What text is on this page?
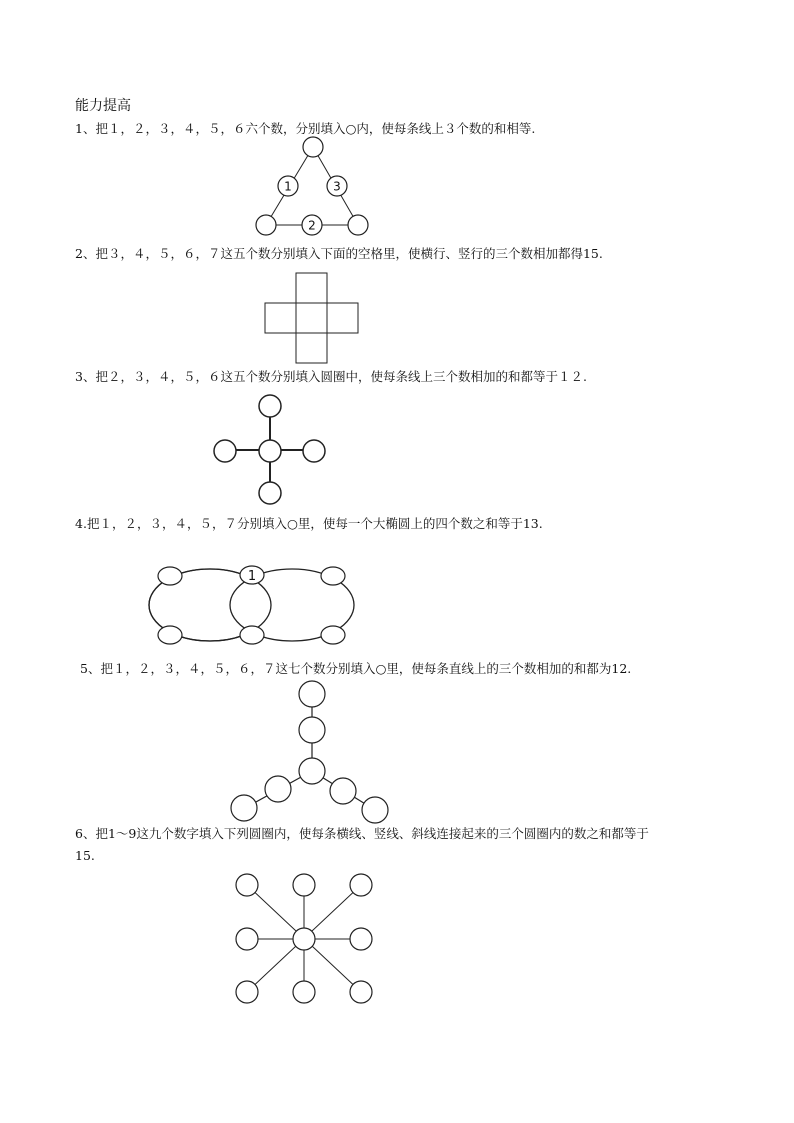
能力提高
1、把１，２，３，４，５，６六个数，分别填入○内，使每条线上３个数的和相等.
1	3
2
2、把３，４，５，６，７这五个数分别填入下面的空格里，使横行、竖行的三个数相加都得15.
3、把２，３，４，５，６这五个数分别填入圆圈中，使每条线上三个数相加的和都等于１２.
4.把１，２，３，４，５，７分别填入○里，使每一个大椭圆上的四个数之和等于13.
1
5、把１，２，３，４，５，６，７这七个数分别填入○里，使每条直线上的三个数相加的和都为12.
6、把1～9这九个数字填入下列圆圈内，使每条横线、竖线、斜线连接起来的三个圆圈内的数之和都等于
15.
